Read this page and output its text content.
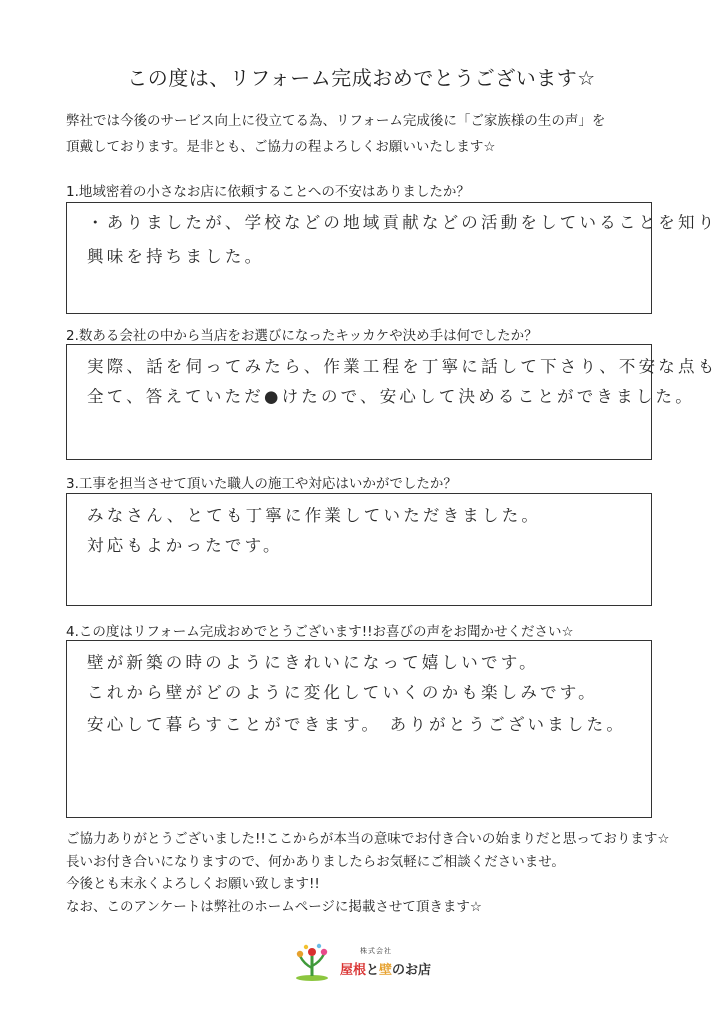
この度は、リフォーム完成おめでとうございます☆

弊社では今後のサービス向上に役立てる為、リフォーム完成後に「ご家族様の生の声」を

頂戴しております。是非とも、ご協力の程よろしくお願いいたします☆

1.地域密着の小さなお店に依頼することへの不安はありましたか？
・ありましたが、学校などの地域貢献などの活動をしていることを知り
興味を持ちました。
2.数ある会社の中から当店をお選びになったキッカケや決め手は何でしたか？
実際、話を伺ってみたら、作業工程を丁寧に話して下さり、不安な点も
全て、答えていただ●けたので、安心して決めることができました。
3.工事を担当させて頂いた職人の施工や対応はいかがでしたか？
みなさん、とても丁寧に作業していただきました。
対応もよかったです。
4.この度はリフォーム完成おめでとうございます!!お喜びの声をお聞かせください☆
壁が新築の時のようにきれいになって嬉しいです。
これから壁がどのように変化していくのかも楽しみです。
安心して暮らすことができます。 ありがとうございました。

ご協力ありがとうございました!!ここからが本当の意味でお付き合いの始まりだと思っております☆

長いお付き合いになりますので、何かありましたらお気軽にご相談くださいませ。

今後とも末永くよろしくお願い致します!!

なお、このアンケートは弊社のホームページに掲載させて頂きます☆

株式会社
屋根と壁のお店
